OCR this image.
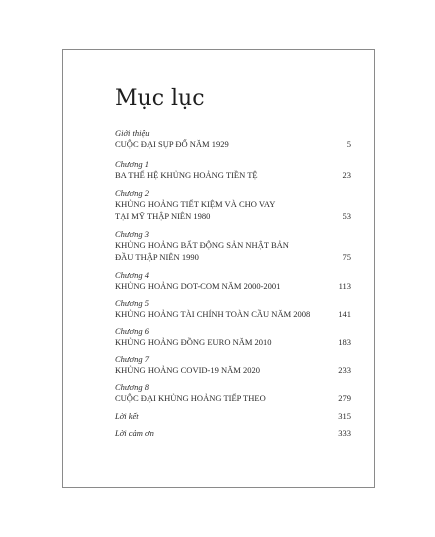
Mục lục
Giới thiệu
CUỘC ĐẠI SỤP ĐỔ NĂM 1929	5
Chương 1
BA THẾ HỆ KHỦNG HOẢNG TIỀN TỆ	23
Chương 2
KHỦNG HOẢNG TIẾT KIỆM VÀ CHO VAY
TẠI MỸ THẬP NIÊN 1980	53
Chương 3
KHỦNG HOẢNG BẤT ĐỘNG SẢN NHẬT BẢN
ĐẦU THẬP NIÊN 1990	75
Chương 4
KHỦNG HOẢNG DOT-COM NĂM 2000-2001	113
Chương 5
KHỦNG HOẢNG TÀI CHÍNH TOÀN CẦU NĂM 2008	141
Chương 6
KHỦNG HOẢNG ĐỒNG EURO NĂM 2010	183
Chương 7
KHỦNG HOẢNG COVID-19 NĂM 2020	233
Chương 8
CUỘC ĐẠI KHỦNG HOẢNG TIẾP THEO	279
Lời kết	315
Lời cảm ơn	333
